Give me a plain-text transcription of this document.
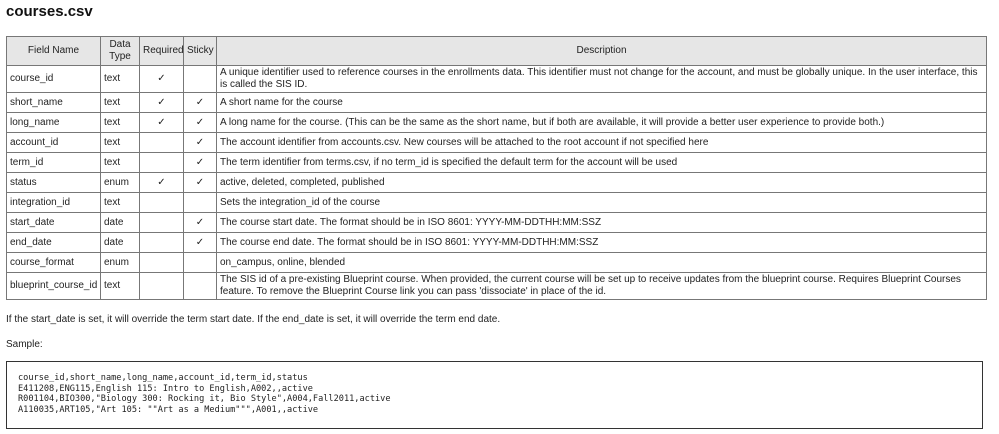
courses.csv
Field Name	Data Type	Required	Sticky	Description
course_id	text	✓		A unique identifier used to reference courses in the enrollments data. This identifier must not change for the account, and must be globally unique. In the user interface, this is called the SIS ID.
short_name	text	✓	✓	A short name for the course
long_name	text	✓	✓	A long name for the course. (This can be the same as the short name, but if both are available, it will provide a better user experience to provide both.)
account_id	text		✓	The account identifier from accounts.csv. New courses will be attached to the root account if not specified here
term_id	text		✓	The term identifier from terms.csv, if no term_id is specified the default term for the account will be used
status	enum	✓	✓	active, deleted, completed, published
integration_id	text			Sets the integration_id of the course
start_date	date		✓	The course start date. The format should be in ISO 8601: YYYY-MM-DDTHH:MM:SSZ
end_date	date		✓	The course end date. The format should be in ISO 8601: YYYY-MM-DDTHH:MM:SSZ
course_format	enum			on_campus, online, blended
blueprint_course_id	text			The SIS id of a pre-existing Blueprint course. When provided, the current course will be set up to receive updates from the blueprint course. Requires Blueprint Courses feature. To remove the Blueprint Course link you can pass 'dissociate' in place of the id.

If the start_date is set, it will override the term start date. If the end_date is set, it will override the term end date.

Sample:

course_id,short_name,long_name,account_id,term_id,status
E411208,ENG115,English 115: Intro to English,A002,,active
R001104,BIO300,"Biology 300: Rocking it, Bio Style",A004,Fall2011,active
A110035,ART105,"Art 105: ""Art as a Medium""",A001,,active
